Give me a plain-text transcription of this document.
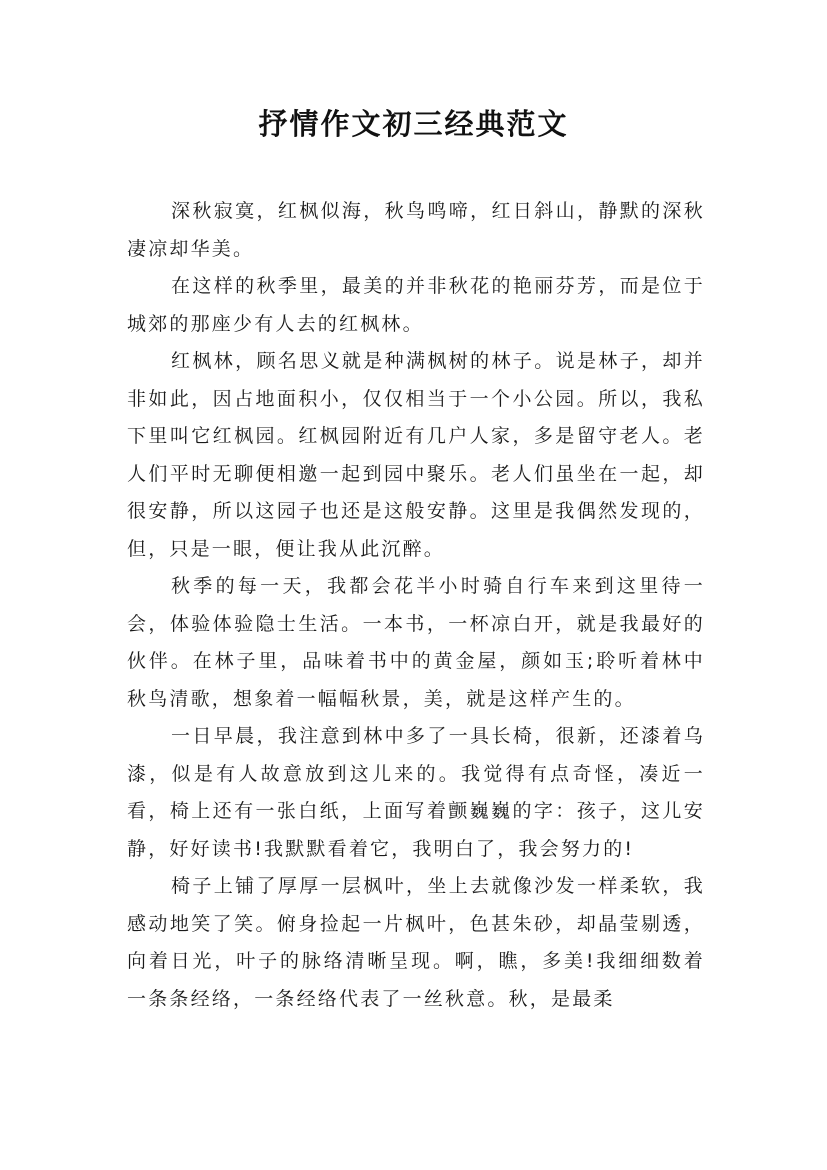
抒情作文初三经典范文

深秋寂寞，红枫似海，秋鸟鸣啼，红日斜山，静默的深秋凄凉却华美。

在这样的秋季里，最美的并非秋花的艳丽芬芳，而是位于城郊的那座少有人去的红枫林。

红枫林，顾名思义就是种满枫树的林子。说是林子，却并非如此，因占地面积小，仅仅相当于一个小公园。所以，我私下里叫它红枫园。红枫园附近有几户人家，多是留守老人。老人们平时无聊便相邀一起到园中聚乐。老人们虽坐在一起，却很安静，所以这园子也还是这般安静。这里是我偶然发现的，但，只是一眼，便让我从此沉醉。

秋季的每一天，我都会花半小时骑自行车来到这里待一会，体验体验隐士生活。一本书，一杯凉白开，就是我最好的伙伴。在林子里，品味着书中的黄金屋，颜如玉;聆听着林中秋鸟清歌，想象着一幅幅秋景，美，就是这样产生的。

一日早晨，我注意到林中多了一具长椅，很新，还漆着乌漆，似是有人故意放到这儿来的。我觉得有点奇怪，凑近一看，椅上还有一张白纸，上面写着颤巍巍的字：孩子，这儿安静，好好读书!我默默看着它，我明白了，我会努力的!

椅子上铺了厚厚一层枫叶，坐上去就像沙发一样柔软，我感动地笑了笑。俯身捡起一片枫叶，色甚朱砂，却晶莹剔透，向着日光，叶子的脉络清晰呈现。啊，瞧，多美!我细细数着一条条经络，一条经络代表了一丝秋意。秋，是最柔
